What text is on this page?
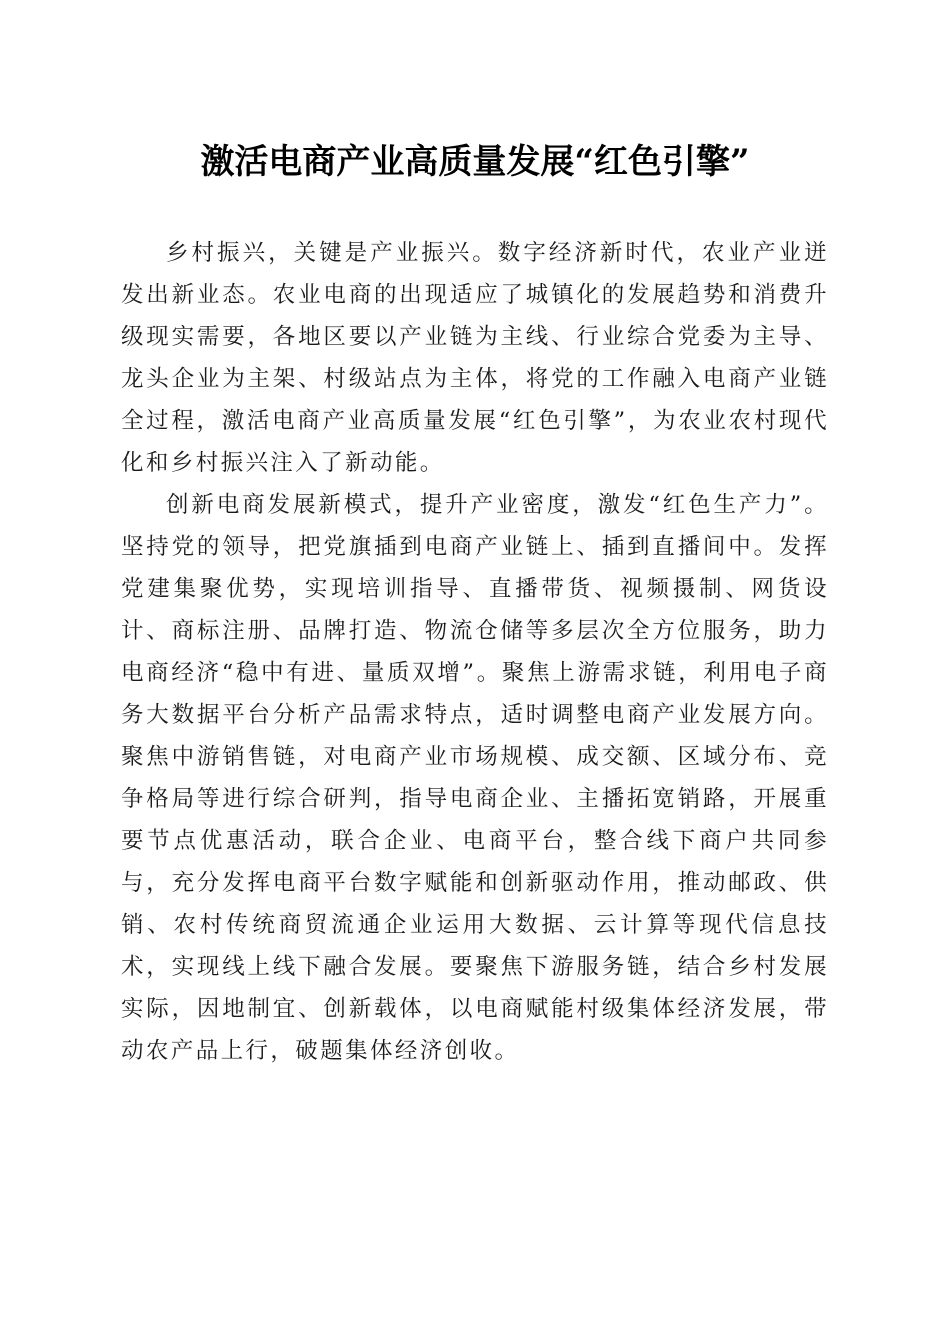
激活电商产业高质量发展“红色引擎”

乡村振兴，关键是产业振兴。数字经济新时代，农业产业迸发出新业态。农业电商的出现适应了城镇化的发展趋势和消费升级现实需要，各地区要以产业链为主线、行业综合党委为主导、龙头企业为主架、村级站点为主体，将党的工作融入电商产业链全过程，激活电商产业高质量发展“红色引擎”，为农业农村现代化和乡村振兴注入了新动能。

创新电商发展新模式，提升产业密度，激发“红色生产力”。坚持党的领导，把党旗插到电商产业链上、插到直播间中。发挥党建集聚优势，实现培训指导、直播带货、视频摄制、网货设计、商标注册、品牌打造、物流仓储等多层次全方位服务，助力电商经济“稳中有进、量质双增”。聚焦上游需求链，利用电子商务大数据平台分析产品需求特点，适时调整电商产业发展方向。聚焦中游销售链，对电商产业市场规模、成交额、区域分布、竞争格局等进行综合研判，指导电商企业、主播拓宽销路，开展重要节点优惠活动，联合企业、电商平台，整合线下商户共同参与，充分发挥电商平台数字赋能和创新驱动作用，推动邮政、供销、农村传统商贸流通企业运用大数据、云计算等现代信息技术，实现线上线下融合发展。要聚焦下游服务链，结合乡村发展实际，因地制宜、创新载体，以电商赋能村级集体经济发展，带动农产品上行，破题集体经济创收。
